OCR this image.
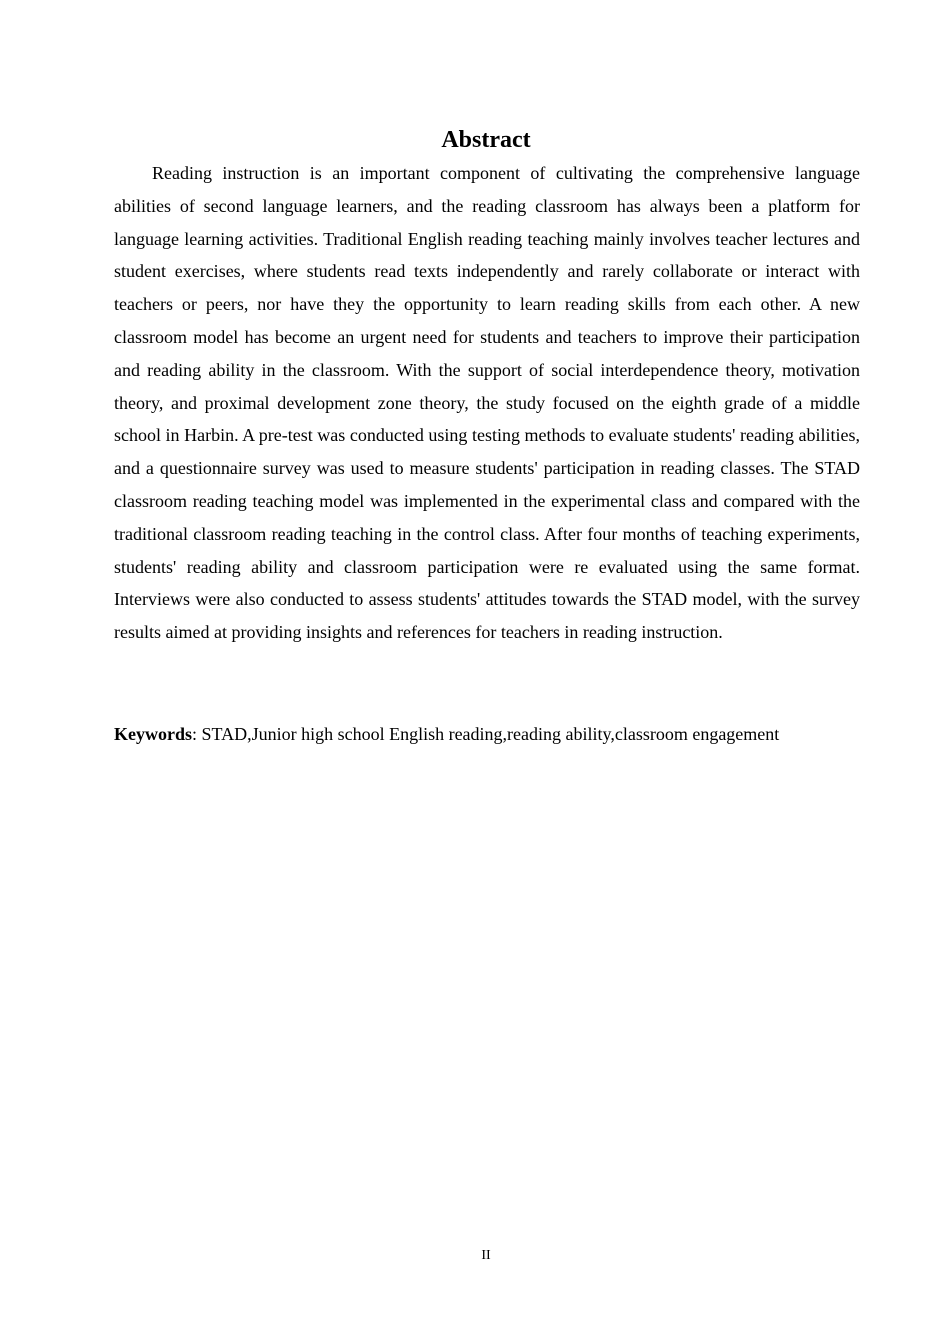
Abstract

Reading instruction is an important component of cultivating the comprehensive language abilities of second language learners, and the reading classroom has always been a platform for language learning activities. Traditional English reading teaching mainly involves teacher lectures and student exercises, where students read texts independently and rarely collaborate or interact with teachers or peers, nor have they the opportunity to learn reading skills from each other. A new classroom model has become an urgent need for students and teachers to improve their participation and reading ability in the classroom. With the support of social interdependence theory, motivation theory, and proximal development zone theory, the study focused on the eighth grade of a middle school in Harbin. A pre-test was conducted using testing methods to evaluate students' reading abilities, and a questionnaire survey was used to measure students' participation in reading classes. The STAD classroom reading teaching model was implemented in the experimental class and compared with the traditional classroom reading teaching in the control class. After four months of teaching experiments, students' reading ability and classroom participation were re evaluated using the same format. Interviews were also conducted to assess students' attitudes towards the STAD model, with the survey results aimed at providing insights and references for teachers in reading instruction.

Keywords: STAD,Junior high school English reading,reading ability,classroom engagement

II
